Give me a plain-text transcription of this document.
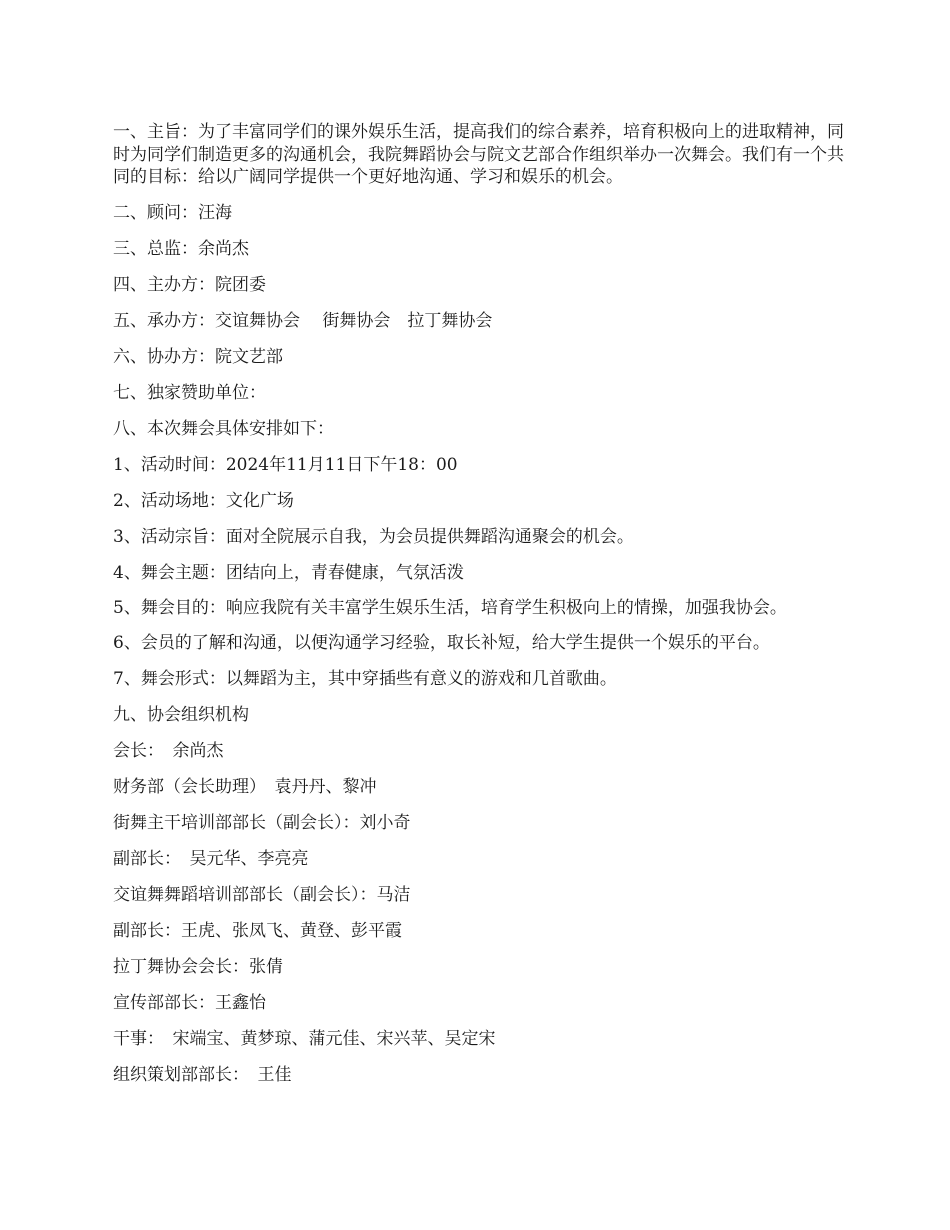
一、主旨：为了丰富同学们的课外娱乐生活，提高我们的综合素养，培育积极向上的进取精神，同时为同学们制造更多的沟通机会，我院舞蹈协会与院文艺部合作组织举办一次舞会。我们有一个共同的目标：给以广阔同学提供一个更好地沟通、学习和娱乐的机会。

二、顾问：汪海

三、总监：余尚杰

四、主办方：院团委

五、承办方：交谊舞协会　 街舞协会　拉丁舞协会

六、协办方：院文艺部

七、独家赞助单位：

八、本次舞会具体安排如下：

1、活动时间：2024年11月11日下午18：00

2、活动场地：文化广场

3、活动宗旨：面对全院展示自我，为会员提供舞蹈沟通聚会的机会。

4、舞会主题：团结向上，青春健康，气氛活泼

5、舞会目的：响应我院有关丰富学生娱乐生活，培育学生积极向上的情操，加强我协会。

6、会员的了解和沟通，以便沟通学习经验，取长补短，给大学生提供一个娱乐的平台。

7、舞会形式：以舞蹈为主，其中穿插些有意义的游戏和几首歌曲。

九、协会组织机构

会长：　余尚杰

财务部（会长助理）　袁丹丹、黎冲

街舞主干培训部部长（副会长）：刘小奇

副部长：　吴元华、李亮亮

交谊舞舞蹈培训部部长（副会长）：马洁

副部长：王虎、张凤飞、黄登、彭平霞

拉丁舞协会会长：张倩

宣传部部长：王鑫怡

干事：　宋端宝、黄梦琼、蒲元佳、宋兴苹、吴定宋

组织策划部部长：　王佳
